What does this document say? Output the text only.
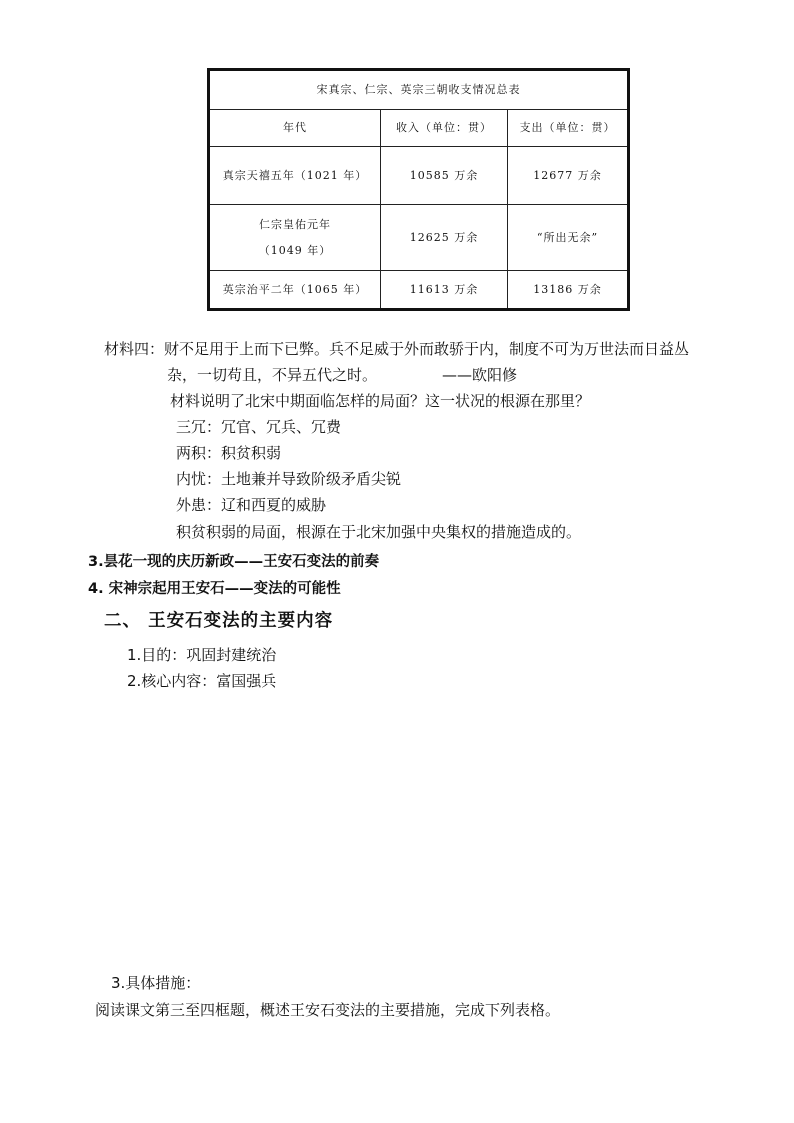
宋真宗、仁宗、英宗三朝收支情况总表		
年代	收入（单位：贯）	支出（单位：贯）
真宗天禧五年（1021 年）	10585 万余	12677 万余

仁宗皇佑元年
（1049 年）	12625 万余	“所出无余”
英宗治平二年（1065 年）	11613 万余	13186 万余
材料四：财不足用于上而下已弊。兵不足威于外而敢骄于内，制度不可为万世法而日益丛
杂，一切苟且，不异五代之时。	——欧阳修
材料说明了北宋中期面临怎样的局面？这一状况的根源在那里？
三冗：冗官、冗兵、冗费
两积：积贫积弱
内忧：土地兼并导致阶级矛盾尖锐
外患：辽和西夏的威胁
积贫积弱的局面，根源在于北宋加强中央集权的措施造成的。
3.昙花一现的庆历新政——王安石变法的前奏
4. 宋神宗起用王安石——变法的可能性
二、 王安石变法的主要内容
1.目的：巩固封建统治
2.核心内容：富国强兵
3.具体措施：
阅读课文第三至四框题，概述王安石变法的主要措施，完成下列表格。
